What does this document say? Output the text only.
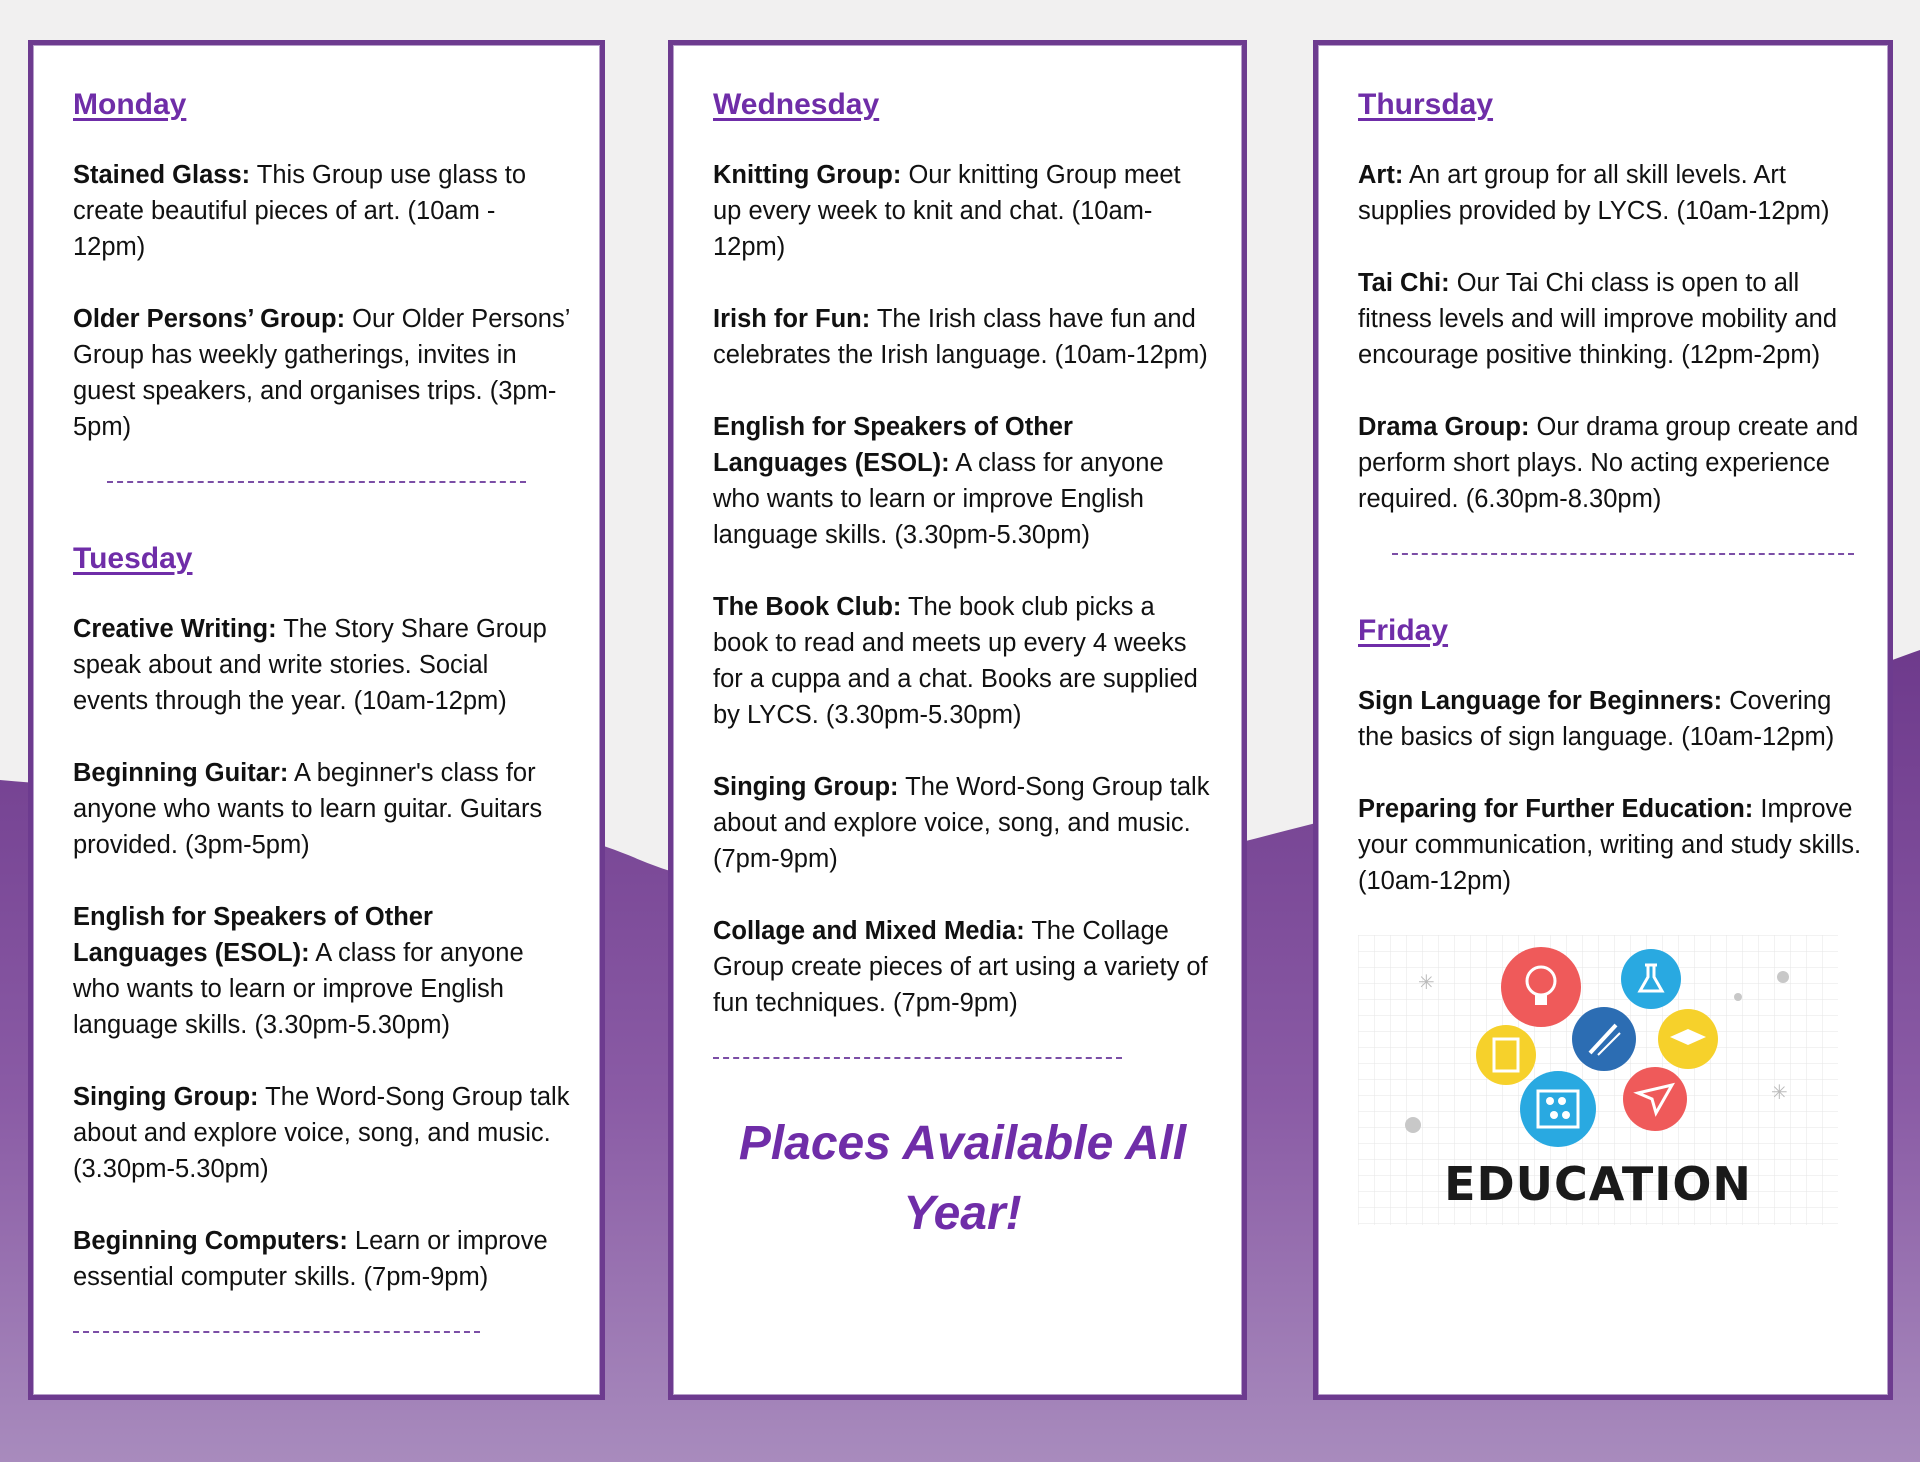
Monday
Stained Glass: This Group use glass to create beautiful pieces of art. (10am - 12pm)
Older Persons’ Group: Our Older Persons’ Group has weekly gatherings, invites in guest speakers, and organises trips. (3pm-5pm)
Tuesday
Creative Writing: The Story Share Group speak about and write stories. Social events through the year. (10am-12pm)
Beginning Guitar: A beginner's class for anyone who wants to learn guitar. Guitars provided. (3pm-5pm)
English for Speakers of Other Languages (ESOL): A class for anyone who wants to learn or improve English language skills. (3.30pm-5.30pm)
Singing Group: The Word-Song Group talk about and explore voice, song, and music. (3.30pm-5.30pm)
Beginning Computers: Learn or improve essential computer skills. (7pm-9pm)
Wednesday
Knitting Group: Our knitting Group meet up every week to knit and chat. (10am-12pm)
Irish for Fun: The Irish class have fun and celebrates the Irish language. (10am-12pm)
English for Speakers of Other Languages (ESOL): A class for anyone who wants to learn or improve English language skills. (3.30pm-5.30pm)
The Book Club: The book club picks a book to read and meets up every 4 weeks for a cuppa and a chat. Books are supplied by LYCS. (3.30pm-5.30pm)
Singing Group: The Word-Song Group talk about and explore voice, song, and music. (7pm-9pm)
Collage and Mixed Media: The Collage Group create pieces of art using a variety of fun techniques. (7pm-9pm)
Places Available All Year!
Thursday
Art: An art group for all skill levels. Art supplies provided by LYCS. (10am-12pm)
Tai Chi: Our Tai Chi class is open to all fitness levels and will improve mobility and encourage positive thinking. (12pm-2pm)
Drama Group: Our drama group create and perform short plays. No acting experience required. (6.30pm-8.30pm)
Friday
Sign Language for Beginners: Covering the basics of sign language. (10am-12pm)
Preparing for Further Education: Improve your communication, writing and study skills. (10am-12pm)
✳
✳
EDUCATION
